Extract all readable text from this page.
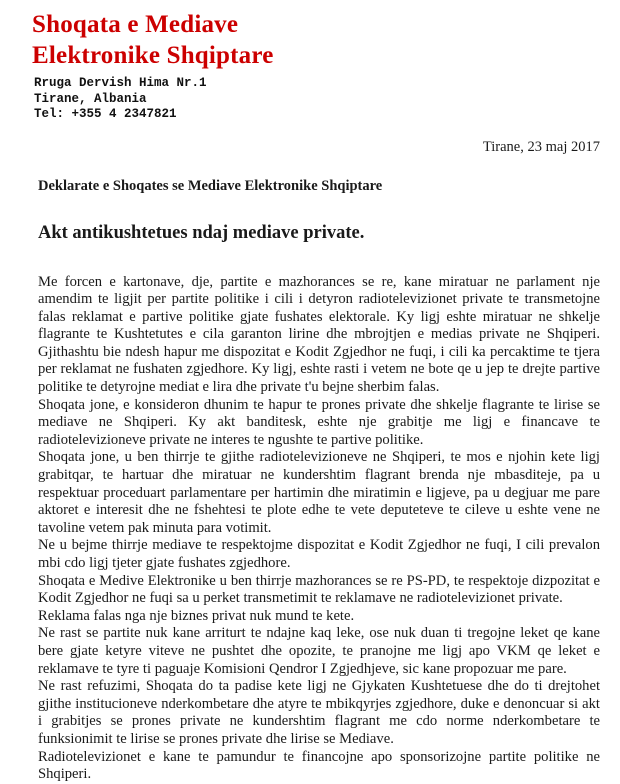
Shoqata e Mediave
Elektronike Shqiptare
Rruga Dervish Hima Nr.1
Tirane, Albania
Tel: +355 4 2347821
Tirane, 23 maj 2017
Deklarate e Shoqates se Mediave Elektronike Shqiptare
Akt antikushtetues ndaj mediave private.

Me forcen e kartonave, dje, partite e mazhorances se re, kane miratuar ne parlament nje amendim te ligjit per partite politike i cili i detyron radiotelevizionet private te transmetojne falas reklamat e partive politike gjate fushates elektorale. Ky ligj eshte miratuar ne shkelje flagrante te Kushtetutes e cila garanton lirine dhe mbrojtjen e medias private ne Shqiperi. Gjithashtu bie ndesh hapur me dispozitat e Kodit Zgjedhor ne fuqi, i cili ka percaktime te tjera per reklamat ne fushaten zgjedhore. Ky ligj, eshte rasti i vetem ne bote qe u jep te drejte partive politike te detyrojne mediat e lira dhe private t'u bejne sherbim falas.

Shoqata jone, e konsideron dhunim te hapur te prones private dhe shkelje flagrante te lirise se mediave ne Shqiperi. Ky akt banditesk, eshte nje grabitje me ligj e financave te radiotelevizioneve private ne interes te ngushte te partive politike.

Shoqata jone, u ben thirrje te gjithe radiotelevizioneve ne Shqiperi, te mos e njohin kete ligj grabitqar, te hartuar dhe miratuar ne kundershtim flagrant brenda nje mbasditeje, pa u respektuar proceduart parlamentare per hartimin dhe miratimin e ligjeve, pa u degjuar me pare aktoret e interesit dhe ne fshehtesi te plote edhe te vete deputeteve te cileve u eshte vene ne tavoline vetem pak minuta para votimit.

Ne u bejme thirrje mediave te respektojme dispozitat e Kodit Zgjedhor ne fuqi, I cili prevalon mbi cdo ligj tjeter gjate fushates zgjedhore.

Shoqata e Medive Elektronike u ben thirrje mazhorances se re PS-PD, te respektoje dizpozitat e Kodit Zgjedhor ne fuqi sa u perket transmetimit te reklamave ne radiotelevizionet private.

Reklama falas nga nje biznes privat nuk mund te kete.

Ne rast se partite nuk kane arriturt te ndajne kaq leke, ose nuk duan ti tregojne leket qe kane bere gjate ketyre viteve ne pushtet dhe opozite, te pranojne me ligj apo VKM qe leket e reklamave te tyre ti paguaje Komisioni Qendror I Zgjedhjeve, sic kane propozuar me pare.

Ne rast refuzimi, Shoqata do ta padise kete ligj ne Gjykaten Kushtetuese dhe do ti drejtohet gjithe institucioneve nderkombetare dhe atyre te mbikqyrjes zgjedhore, duke e denoncuar si akt i grabitjes se prones private ne kundershtim flagrant me cdo norme nderkombetare te funksionimit te lirise se prones private dhe lirise se Mediave.

Radiotelevizionet e kane te pamundur te financojne apo sponsorizojne partite politike ne Shqiperi.
